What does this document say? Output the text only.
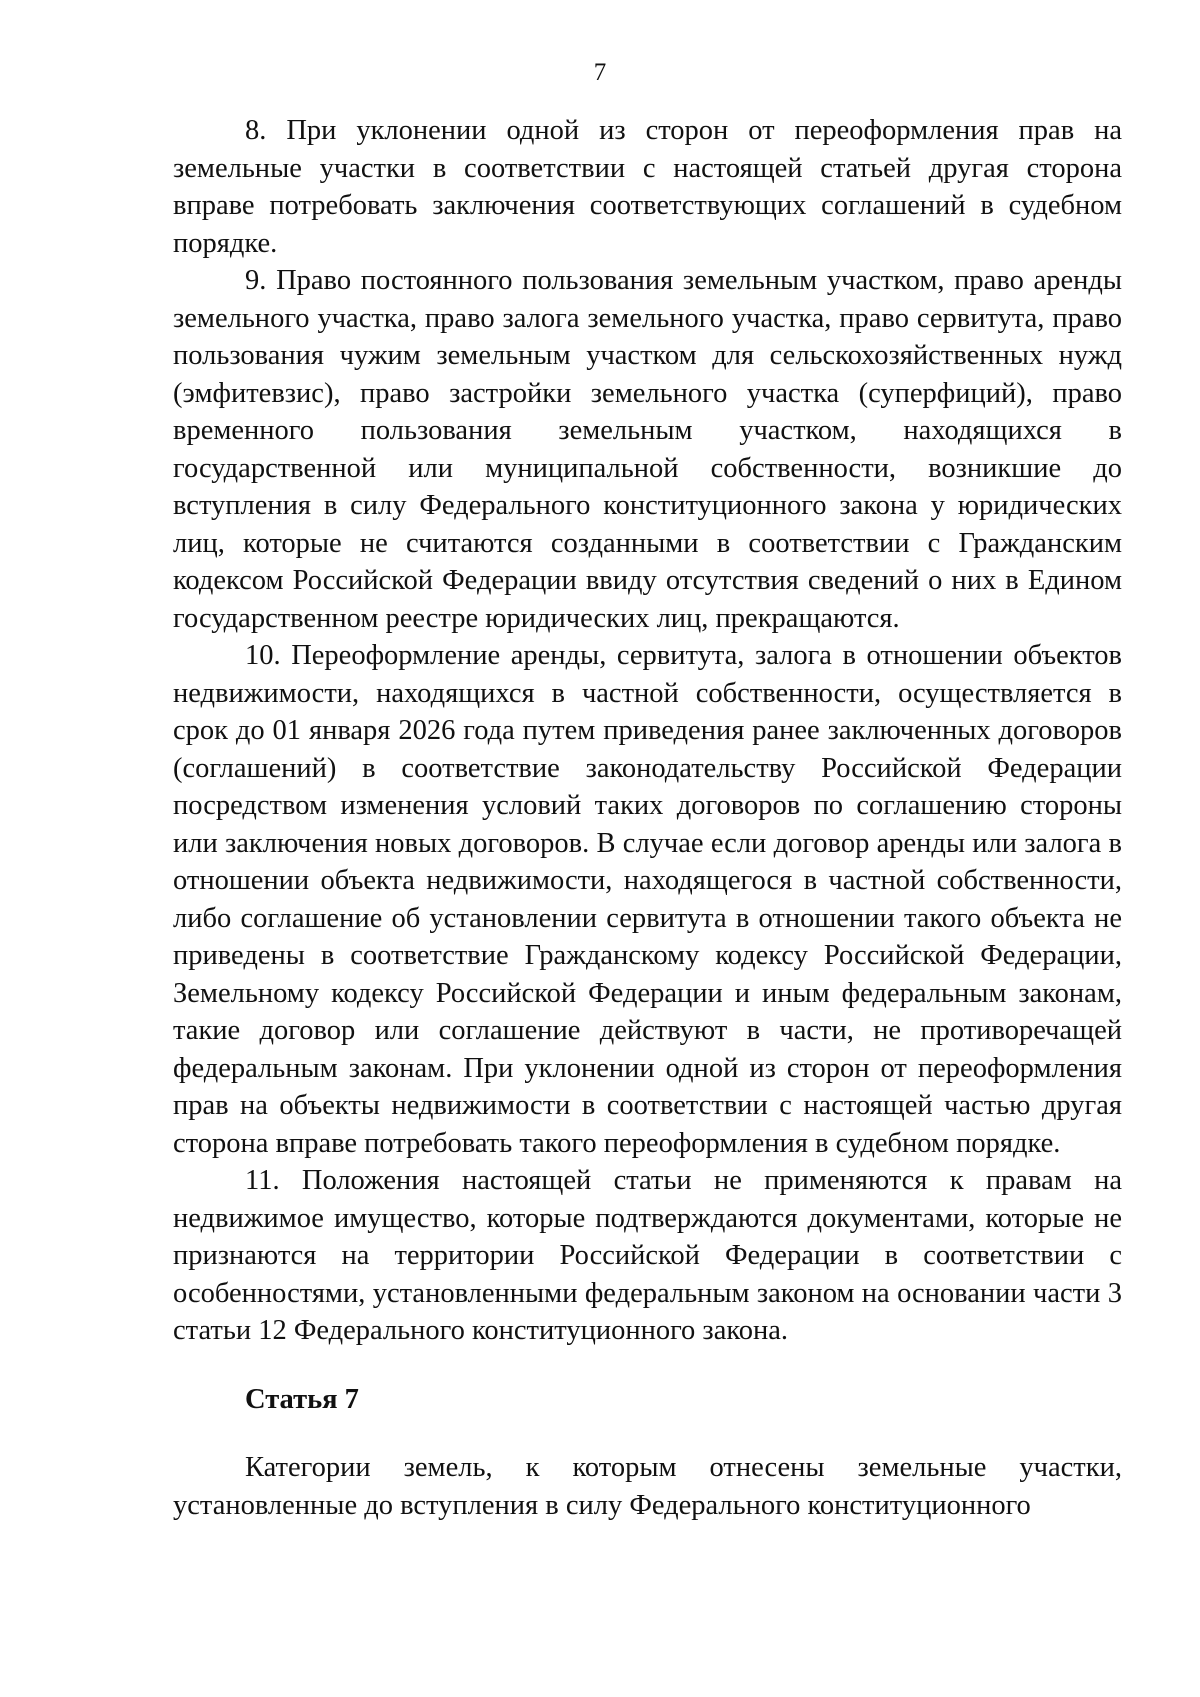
7

8. При уклонении одной из сторон от переоформления прав на земельные участки в соответствии с настоящей статьей другая сторона вправе потребовать заключения соответствующих соглашений в судебном порядке.

9. Право постоянного пользования земельным участком, право аренды земельного участка, право залога земельного участка, право сервитута, право пользования чужим земельным участком для сельскохозяйственных нужд (эмфитевзис), право застройки земельного участка (суперфиций), право временного пользования земельным участком, находящихся в государственной или муниципальной собственности, возникшие до вступления в силу Федерального конституционного закона у юридических лиц, которые не считаются созданными в соответствии с Гражданским кодексом Российской Федерации ввиду отсутствия сведений о них в Едином государственном реестре юридических лиц, прекращаются.

10. Переоформление аренды, сервитута, залога в отношении объектов недвижимости, находящихся в частной собственности, осуществляется в срок до 01 января 2026 года путем приведения ранее заключенных договоров (соглашений) в соответствие законодательству Российской Федерации посредством изменения условий таких договоров по соглашению стороны или заключения новых договоров. В случае если договор аренды или залога в отношении объекта недвижимости, находящегося в частной собственности, либо соглашение об установлении сервитута в отношении такого объекта не приведены в соответствие Гражданскому кодексу Российской Федерации, Земельному кодексу Российской Федерации и иным федеральным законам, такие договор или соглашение действуют в части, не противоречащей федеральным законам. При уклонении одной из сторон от переоформления прав на объекты недвижимости в соответствии с настоящей частью другая сторона вправе потребовать такого переоформления в судебном порядке.

11. Положения настоящей статьи не применяются к правам на недвижимое имущество, которые подтверждаются документами, которые не признаются на территории Российской Федерации в соответствии с особенностями, установленными федеральным законом на основании части 3 статьи 12 Федерального конституционного закона.

Статья 7

Категории земель, к которым отнесены земельные участки, установленные до вступления в силу Федерального конституционного
